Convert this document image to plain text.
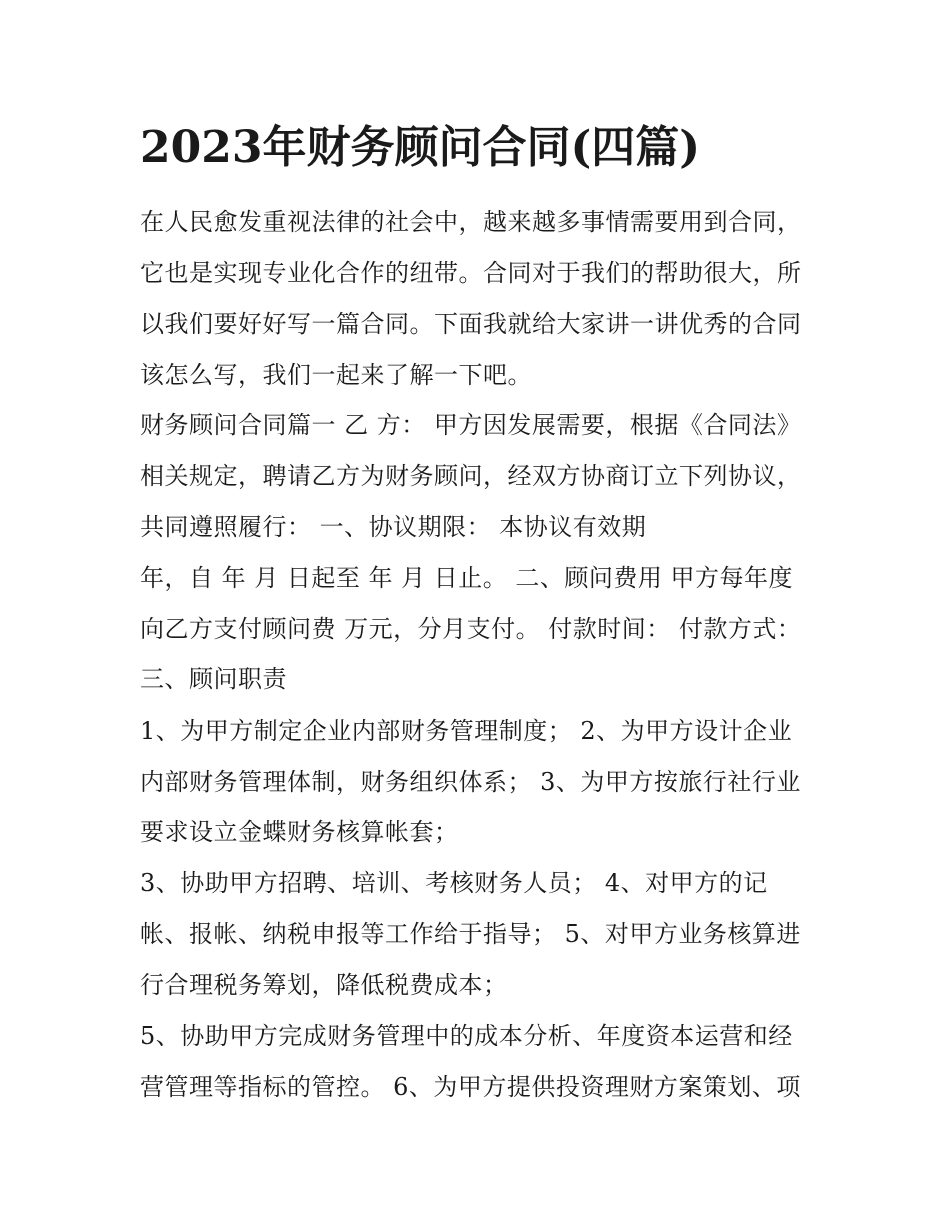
2023年财务顾问合同(四篇)

在人民愈发重视法律的社会中，越来越多事情需要用到合同，

它也是实现专业化合作的纽带。合同对于我们的帮助很大，所

以我们要好好写一篇合同。下面我就给大家讲一讲优秀的合同

该怎么写，我们一起来了解一下吧。

财务顾问合同篇一 乙 方： 甲方因发展需要，根据《合同法》

相关规定，聘请乙方为财务顾问，经双方协商订立下列协议，

共同遵照履行： 一、协议期限： 本协议有效期

年，自 年 月 日起至 年 月 日止。 二、顾问费用 甲方每年度

向乙方支付顾问费 万元，分月支付。 付款时间： 付款方式：

三、顾问职责

1、为甲方制定企业内部财务管理制度； 2、为甲方设计企业

内部财务管理体制，财务组织体系； 3、为甲方按旅行社行业

要求设立金蝶财务核算帐套；

3、协助甲方招聘、培训、考核财务人员； 4、对甲方的记

帐、报帐、纳税申报等工作给于指导； 5、对甲方业务核算进

行合理税务筹划，降低税费成本；

5、协助甲方完成财务管理中的成本分析、年度资本运营和经

营管理等指标的管控。 6、为甲方提供投资理财方案策划、项
